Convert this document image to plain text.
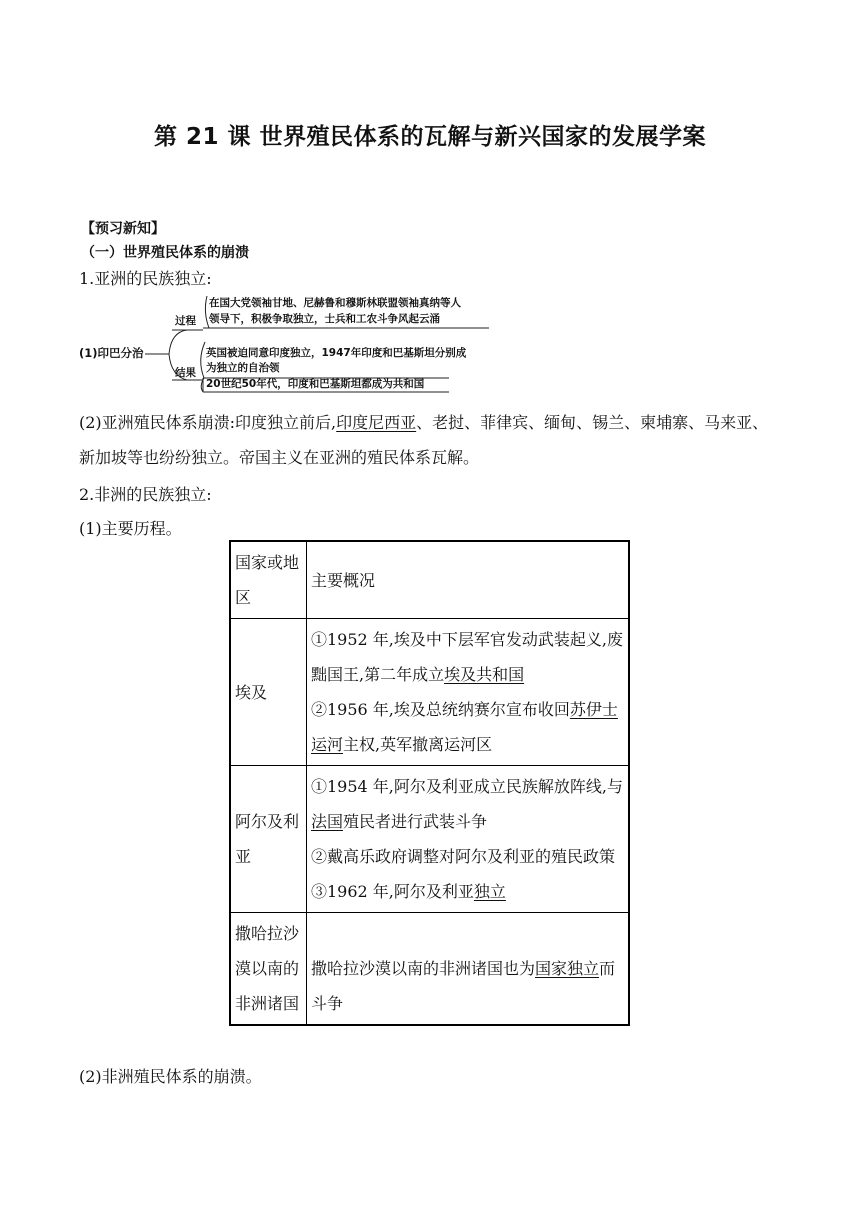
第 21 课 世界殖民体系的瓦解与新兴国家的发展学案
【预习新知】
（一）世界殖民体系的崩溃
1.亚洲的民族独立:
(1)印巴分治
过程
结果
在国大党领袖甘地、尼赫鲁和穆斯林联盟领袖真纳等人
领导下，积极争取独立，士兵和工农斗争风起云涌
英国被迫同意印度独立，1947年印度和巴基斯坦分别成
为独立的自治领
20世纪50年代，印度和巴基斯坦都成为共和国
(2)亚洲殖民体系崩溃:印度独立前后,印度尼西亚、老挝、菲律宾、缅甸、锡兰、柬埔寨、马来亚、新加坡等也纷纷独立。帝国主义在亚洲的殖民体系瓦解。
2.非洲的民族独立:
(1)主要历程。
国家或地区	主要概况
埃及	①1952 年,埃及中下层军官发动武装起义,废黜国王,第二年成立埃及共和国
②1956 年,埃及总统纳赛尔宣布收回苏伊士运河主权,英军撤离运河区
阿尔及利亚	①1954 年,阿尔及利亚成立民族解放阵线,与法国殖民者进行武装斗争
②戴高乐政府调整对阿尔及利亚的殖民政策
③1962 年,阿尔及利亚独立
撒哈拉沙漠以南的非洲诸国	撒哈拉沙漠以南的非洲诸国也为国家独立而斗争
(2)非洲殖民体系的崩溃。
